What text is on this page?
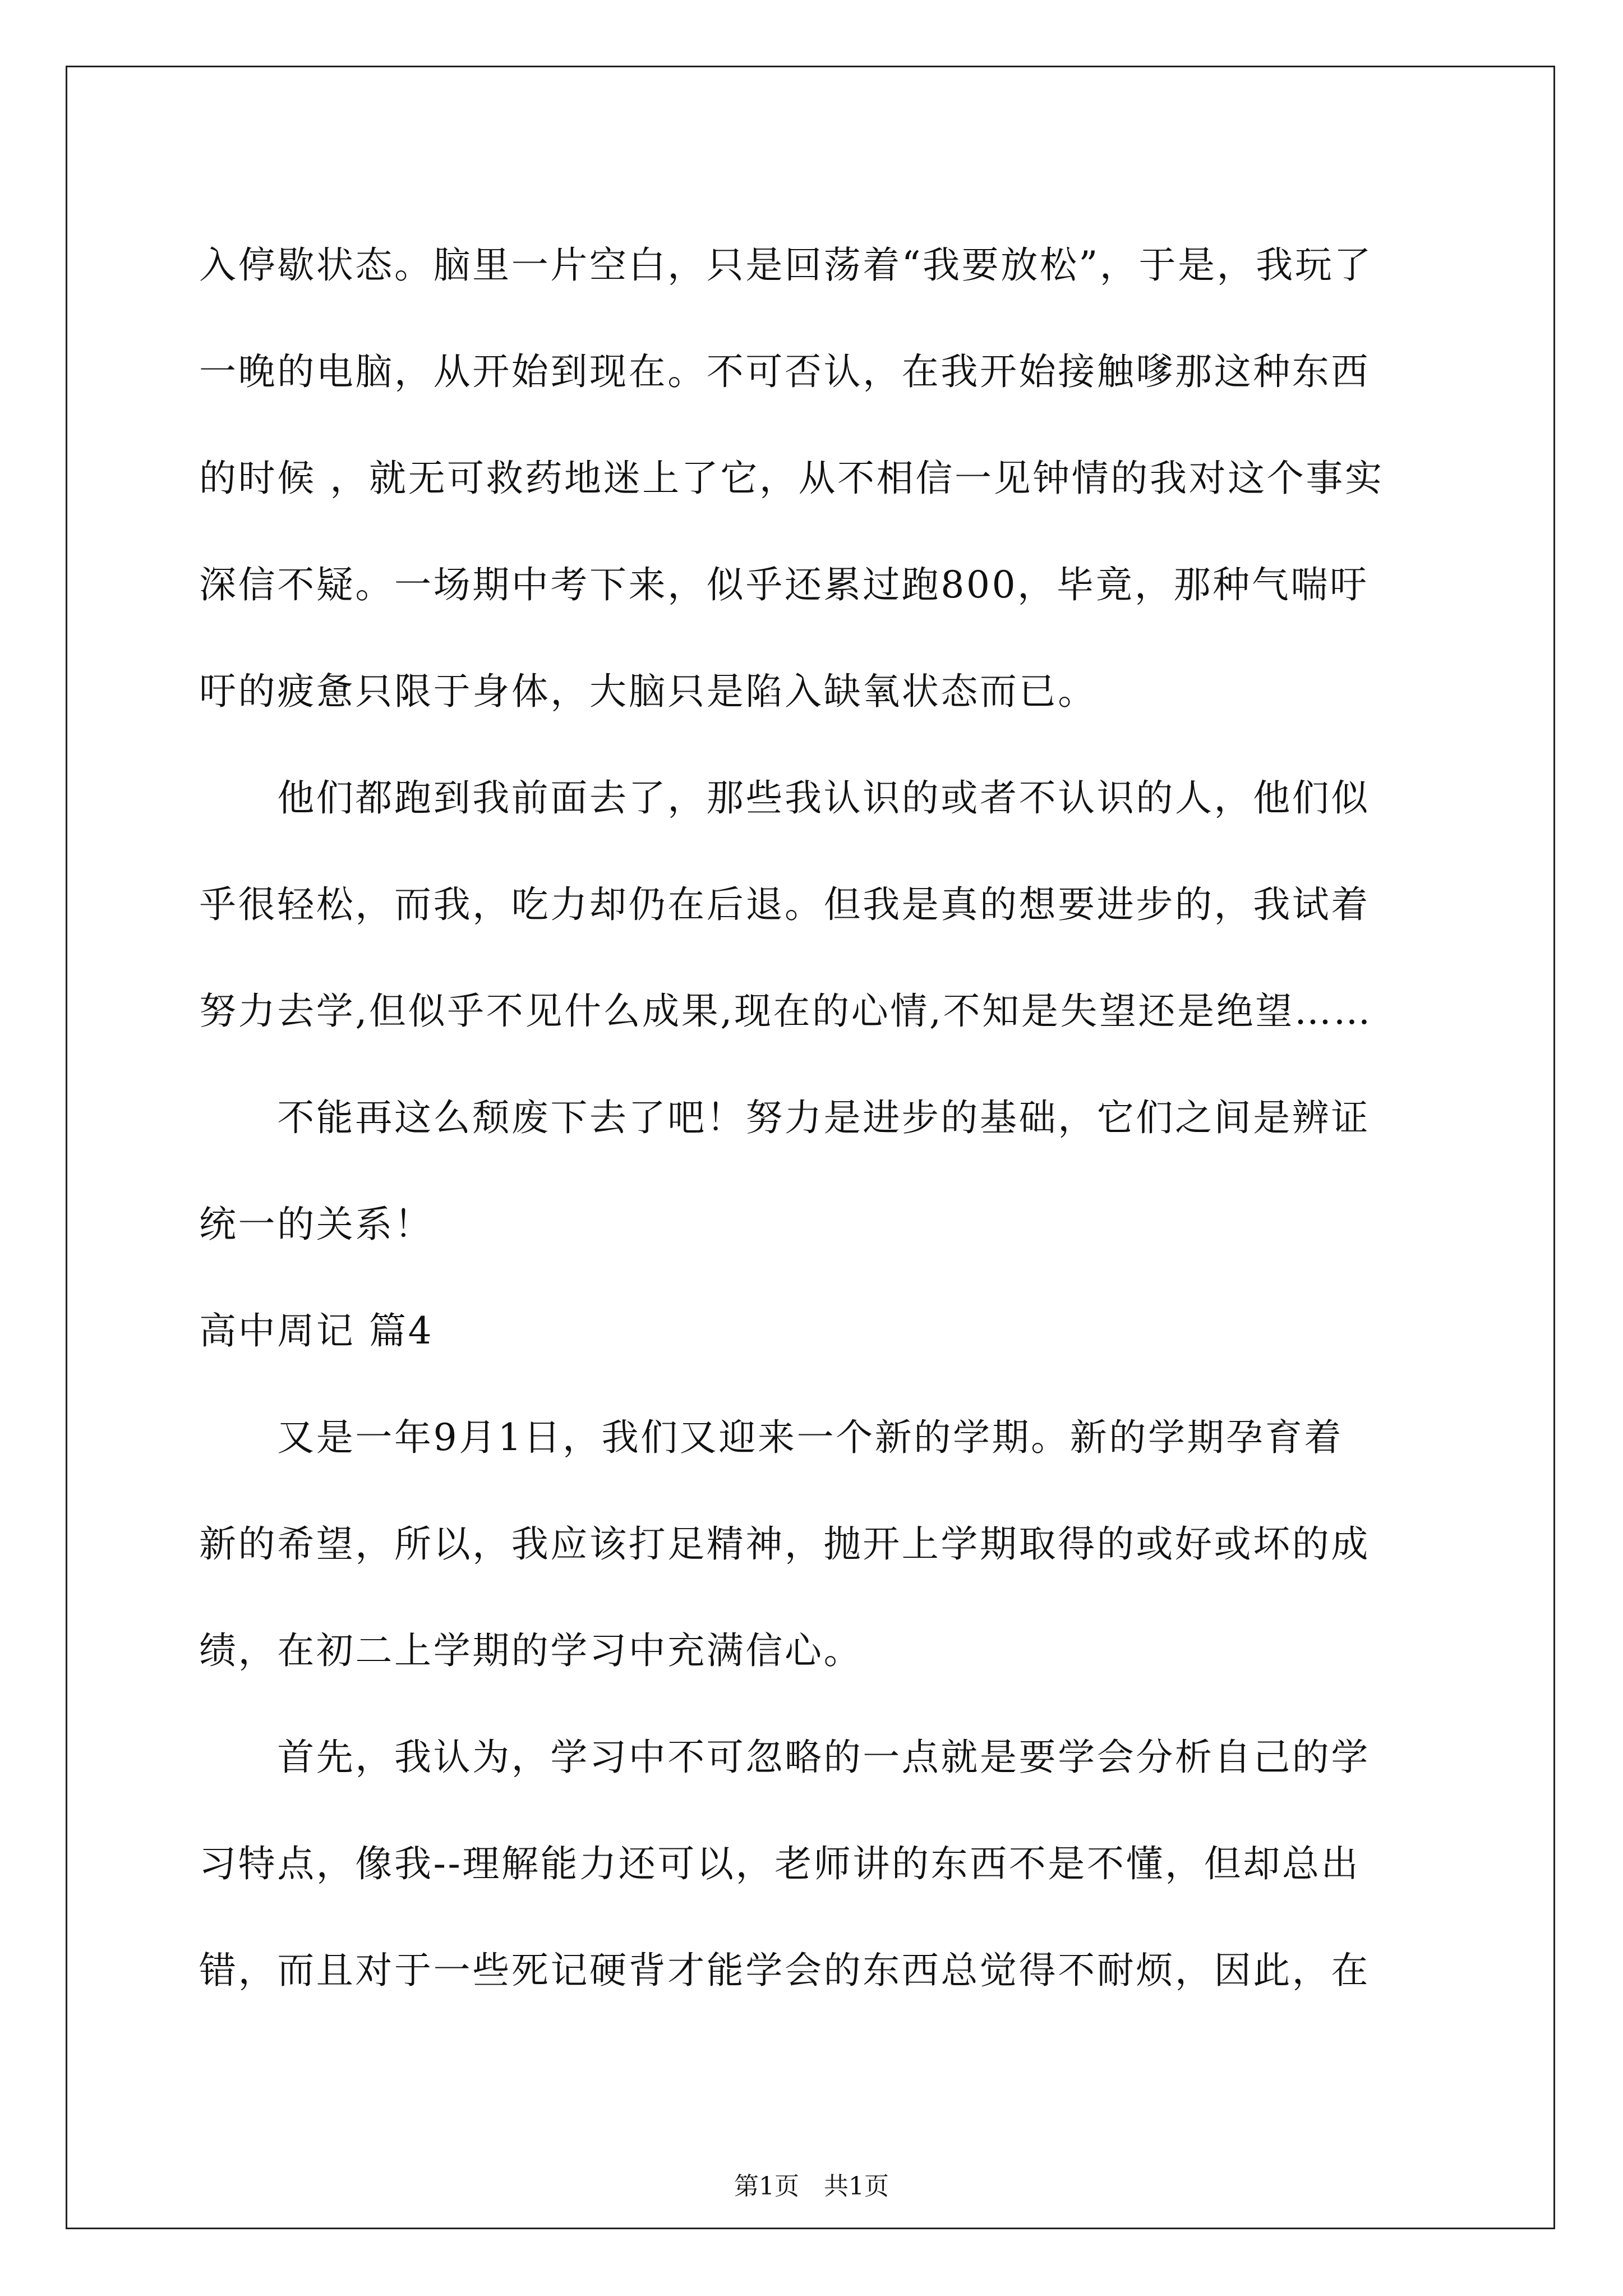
入停歇状态。脑里一片空白，只是回荡着“我要放松”，于是，我玩了
一晚的电脑，从开始到现在。不可否认，在我开始接触嗲那这种东西
的时候 ，就无可救药地迷上了它，从不相信一见钟情的我对这个事实
深信不疑。一场期中考下来，似乎还累过跑800，毕竟，那种气喘吁
吁的疲惫只限于身体，大脑只是陷入缺氧状态而已。
　　他们都跑到我前面去了，那些我认识的或者不认识的人，他们似
乎很轻松，而我，吃力却仍在后退。但我是真的想要进步的，我试着
努力去学,但似乎不见什么成果,现在的心情,不知是失望还是绝望……
　　不能再这么颓废下去了吧！努力是进步的基础，它们之间是辨证
统一的关系！
高中周记 篇4
　　又是一年9月1日，我们又迎来一个新的学期。新的学期孕育着
新的希望，所以，我应该打足精神，抛开上学期取得的或好或坏的成
绩，在初二上学期的学习中充满信心。
　　首先，我认为，学习中不可忽略的一点就是要学会分析自己的学
习特点，像我--理解能力还可以，老师讲的东西不是不懂，但却总出
错，而且对于一些死记硬背才能学会的东西总觉得不耐烦，因此，在
第1页　共1页
